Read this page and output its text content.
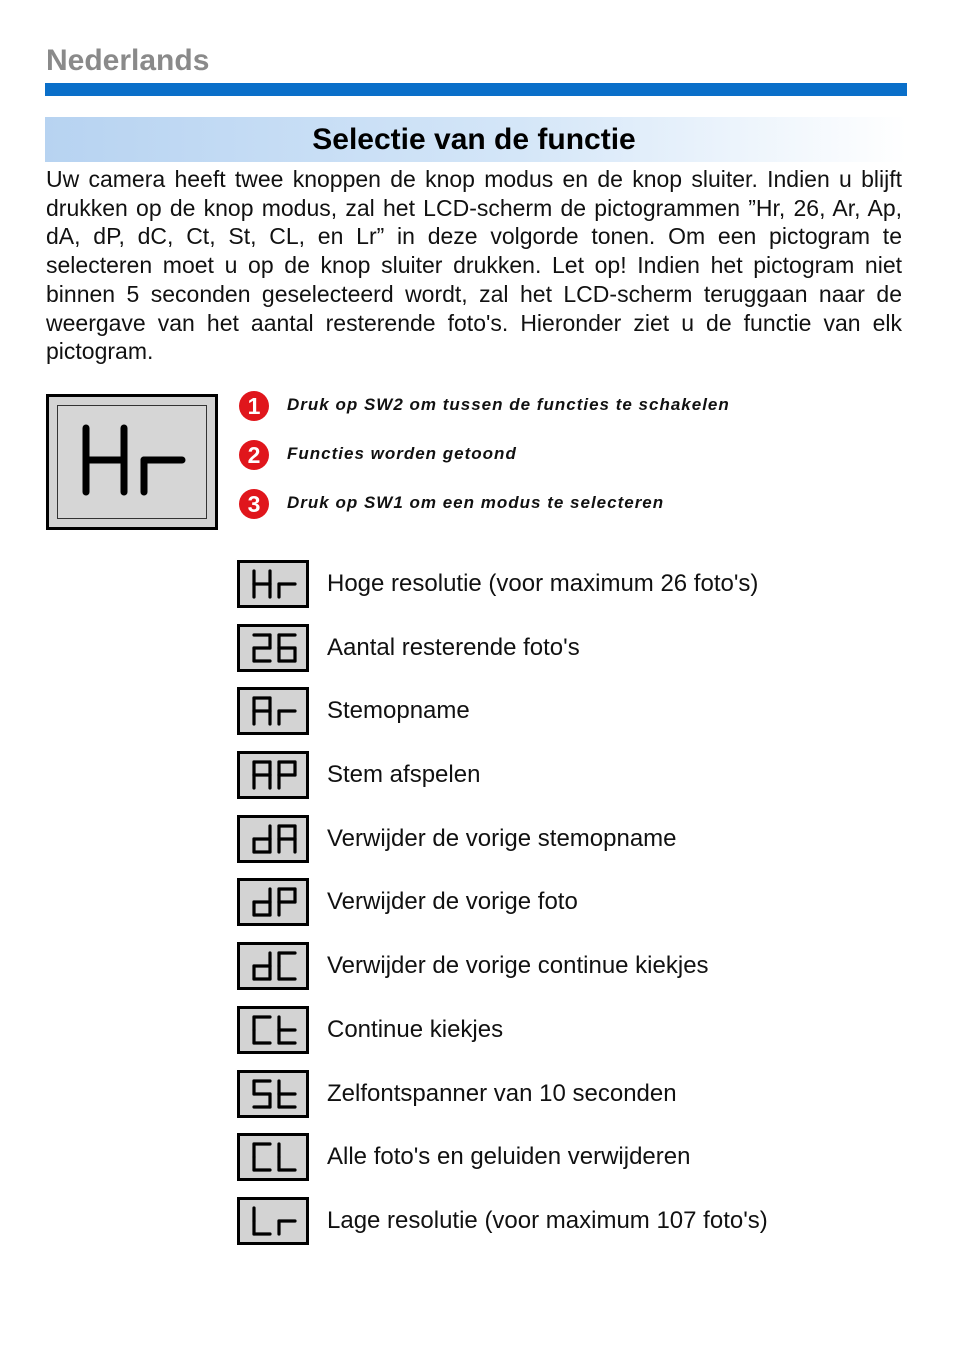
Nederlands
Selectie van de functie

Uw camera heeft twee knoppen de knop modus en de knop sluiter. Indien u blijft drukken op de knop modus, zal het LCD-scherm de pictogrammen ”Hr, 26, Ar, Ap, dA, dP, dC, Ct, St, CL, en Lr” in deze volgorde tonen. Om een pictogram te selecteren moet u op de knop sluiter drukken. Let op! Indien het pictogram niet binnen 5 seconden geselecteerd wordt, zal het LCD-scherm teruggaan naar de weergave van het aantal resterende foto's. Hieronder ziet u de functie van elk pictogram.

1	Druk op SW2 om tussen de functies te schakelen
2	Functies worden getoond
3	Druk op SW1 om een modus te selecteren
Hoge resolutie (voor maximum 26 foto's)
Aantal resterende foto's
Stemopname
Stem afspelen
Verwijder de vorige stemopname
Verwijder de vorige foto
Verwijder de vorige continue kiekjes
Continue kiekjes
Zelfontspanner van 10 seconden
Alle foto's en geluiden verwijderen
Lage resolutie (voor maximum 107 foto's)
